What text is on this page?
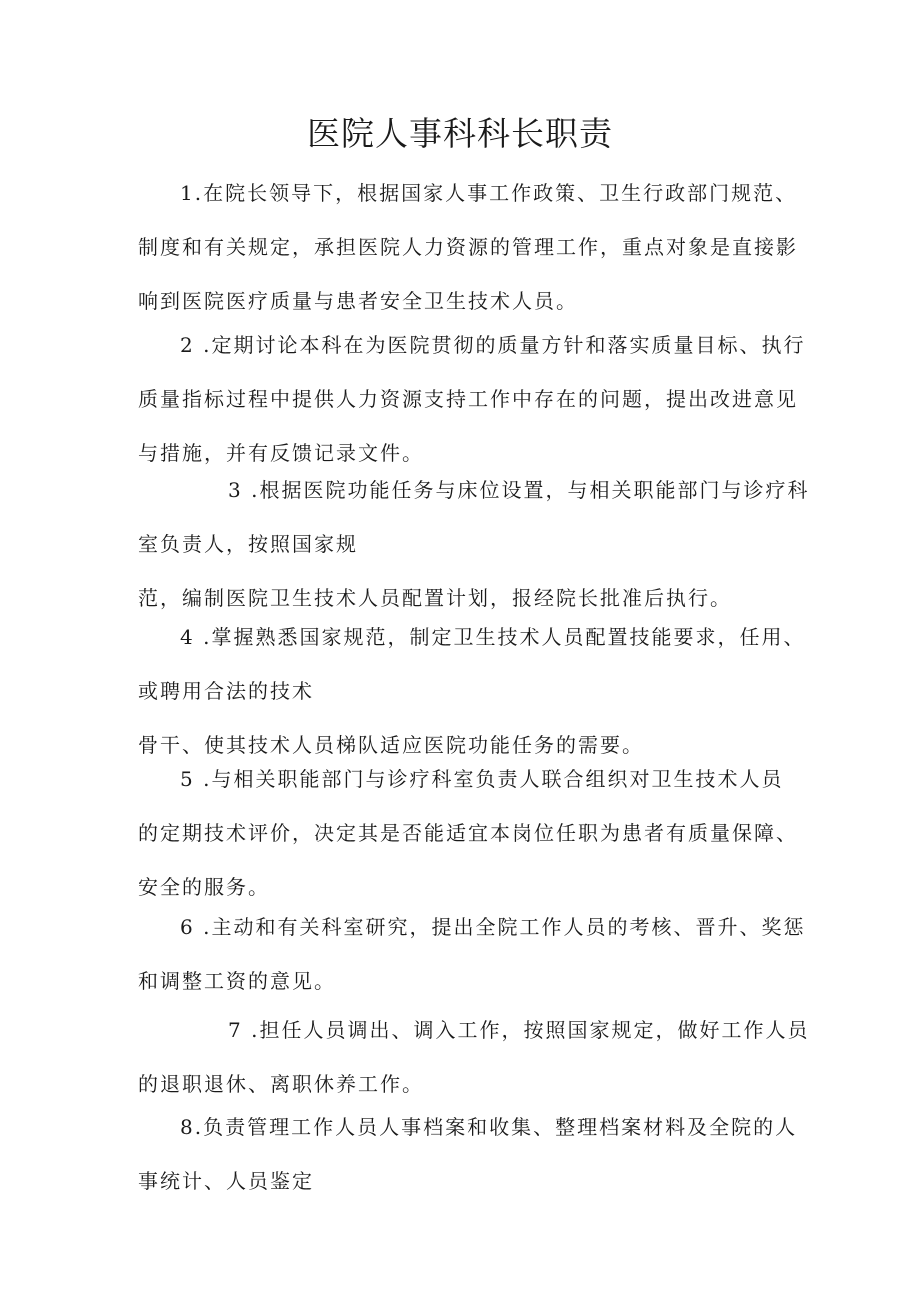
医院人事科科长职责
1.在院长领导下，根据国家人事工作政策、卫生行政部门规范、
制度和有关规定，承担医院人力资源的管理工作，重点对象是直接影
响到医院医疗质量与患者安全卫生技术人员。
2 .定期讨论本科在为医院贯彻的质量方针和落实质量目标、执行
质量指标过程中提供人力资源支持工作中存在的问题，提出改进意见
与措施，并有反馈记录文件。
3 .根据医院功能任务与床位设置，与相关职能部门与诊疗科
室负责人，按照国家规
范，编制医院卫生技术人员配置计划，报经院长批准后执行。
4 .掌握熟悉国家规范，制定卫生技术人员配置技能要求，任用、
或聘用合法的技术
骨干、使其技术人员梯队适应医院功能任务的需要。
5 .与相关职能部门与诊疗科室负责人联合组织对卫生技术人员
的定期技术评价，决定其是否能适宜本岗位任职为患者有质量保障、
安全的服务。
6 .主动和有关科室研究，提出全院工作人员的考核、晋升、奖惩
和调整工资的意见。
7 .担任人员调出、调入工作，按照国家规定，做好工作人员
的退职退休、离职休养工作。
8.负责管理工作人员人事档案和收集、整理档案材料及全院的人
事统计、人员鉴定
